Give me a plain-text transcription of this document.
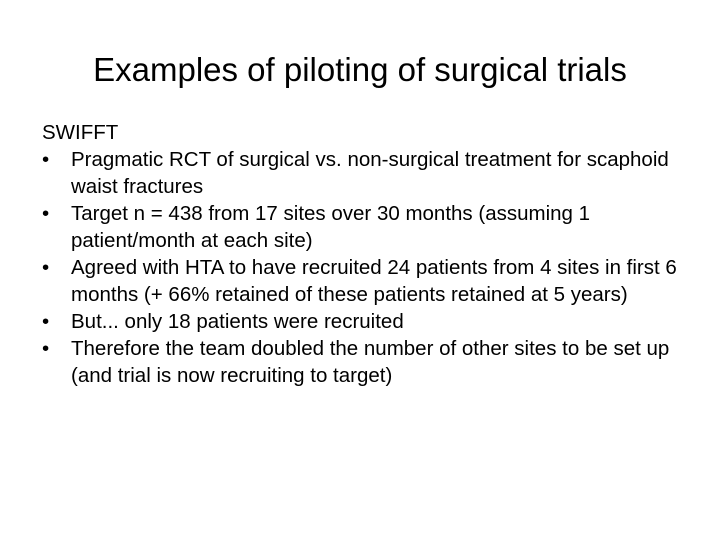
Examples of piloting of surgical trials

SWIFFT

•	Pragmatic RCT of surgical vs. non-surgical treatment for scaphoid waist fractures
•	Target n = 438 from 17 sites over 30 months (assuming 1 patient/month at each site)
•	Agreed with HTA to have recruited 24 patients from 4 sites in first 6 months (+ 66% retained of these patients retained at 5 years)
•	But... only 18 patients were recruited
•	Therefore the team doubled the number of other sites to be set up (and trial is now recruiting to target)
